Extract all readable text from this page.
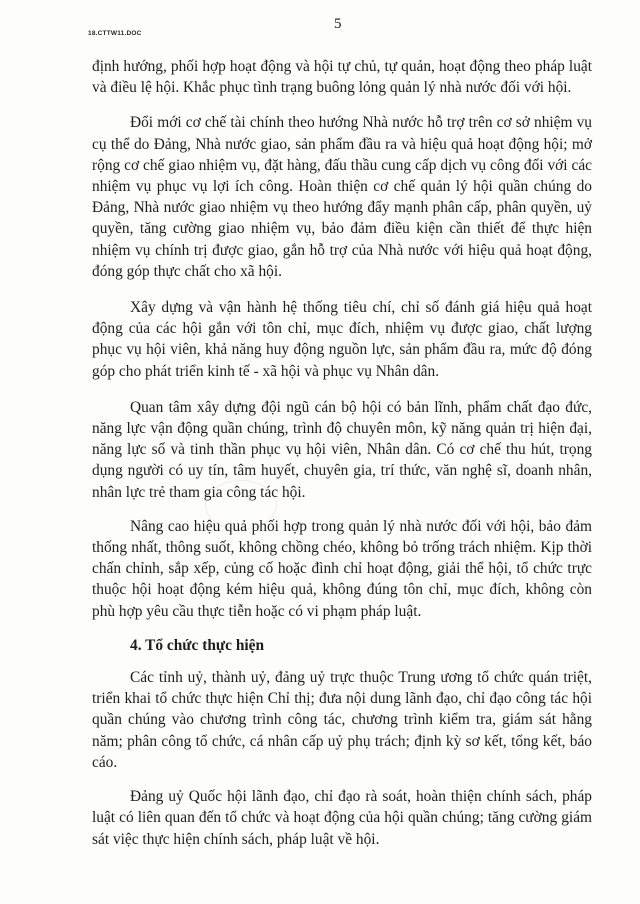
18.CTTW11.DOC
5

định hướng, phối hợp hoạt động và hội tự chủ, tự quản, hoạt động theo pháp luật và điều lệ hội. Khắc phục tình trạng buông lỏng quản lý nhà nước đối với hội.

Đổi mới cơ chế tài chính theo hướng Nhà nước hỗ trợ trên cơ sở nhiệm vụ cụ thể do Đảng, Nhà nước giao, sản phẩm đầu ra và hiệu quả hoạt động hội; mở rộng cơ chế giao nhiệm vụ, đặt hàng, đấu thầu cung cấp dịch vụ công đối với các nhiệm vụ phục vụ lợi ích công. Hoàn thiện cơ chế quản lý hội quần chúng do Đảng, Nhà nước giao nhiệm vụ theo hướng đẩy mạnh phân cấp, phân quyền, uỷ quyền, tăng cường giao nhiệm vụ, bảo đảm điều kiện cần thiết để thực hiện nhiệm vụ chính trị được giao, gắn hỗ trợ của Nhà nước với hiệu quả hoạt động, đóng góp thực chất cho xã hội.

Xây dựng và vận hành hệ thống tiêu chí, chỉ số đánh giá hiệu quả hoạt động của các hội gắn với tôn chỉ, mục đích, nhiệm vụ được giao, chất lượng phục vụ hội viên, khả năng huy động nguồn lực, sản phẩm đầu ra, mức độ đóng góp cho phát triển kinh tế - xã hội và phục vụ Nhân dân.

Quan tâm xây dựng đội ngũ cán bộ hội có bản lĩnh, phẩm chất đạo đức, năng lực vận động quần chúng, trình độ chuyên môn, kỹ năng quản trị hiện đại, năng lực số và tinh thần phục vụ hội viên, Nhân dân. Có cơ chế thu hút, trọng dụng người có uy tín, tâm huyết, chuyên gia, trí thức, văn nghệ sĩ, doanh nhân, nhân lực trẻ tham gia công tác hội.

Nâng cao hiệu quả phối hợp trong quản lý nhà nước đối với hội, bảo đảm thống nhất, thông suốt, không chồng chéo, không bỏ trống trách nhiệm. Kịp thời chấn chỉnh, sắp xếp, củng cố hoặc đình chỉ hoạt động, giải thể hội, tổ chức trực thuộc hội hoạt động kém hiệu quả, không đúng tôn chỉ, mục đích, không còn phù hợp yêu cầu thực tiễn hoặc có vi phạm pháp luật.

4. Tổ chức thực hiện

Các tỉnh uỷ, thành uỷ, đảng uỷ trực thuộc Trung ương tổ chức quán triệt, triển khai tổ chức thực hiện Chỉ thị; đưa nội dung lãnh đạo, chỉ đạo công tác hội quần chúng vào chương trình công tác, chương trình kiểm tra, giám sát hằng năm; phân công tổ chức, cá nhân cấp uỷ phụ trách; định kỳ sơ kết, tổng kết, báo cáo.

Đảng uỷ Quốc hội lãnh đạo, chỉ đạo rà soát, hoàn thiện chính sách, pháp luật có liên quan đến tổ chức và hoạt động của hội quần chúng; tăng cường giám sát việc thực hiện chính sách, pháp luật về hội.
